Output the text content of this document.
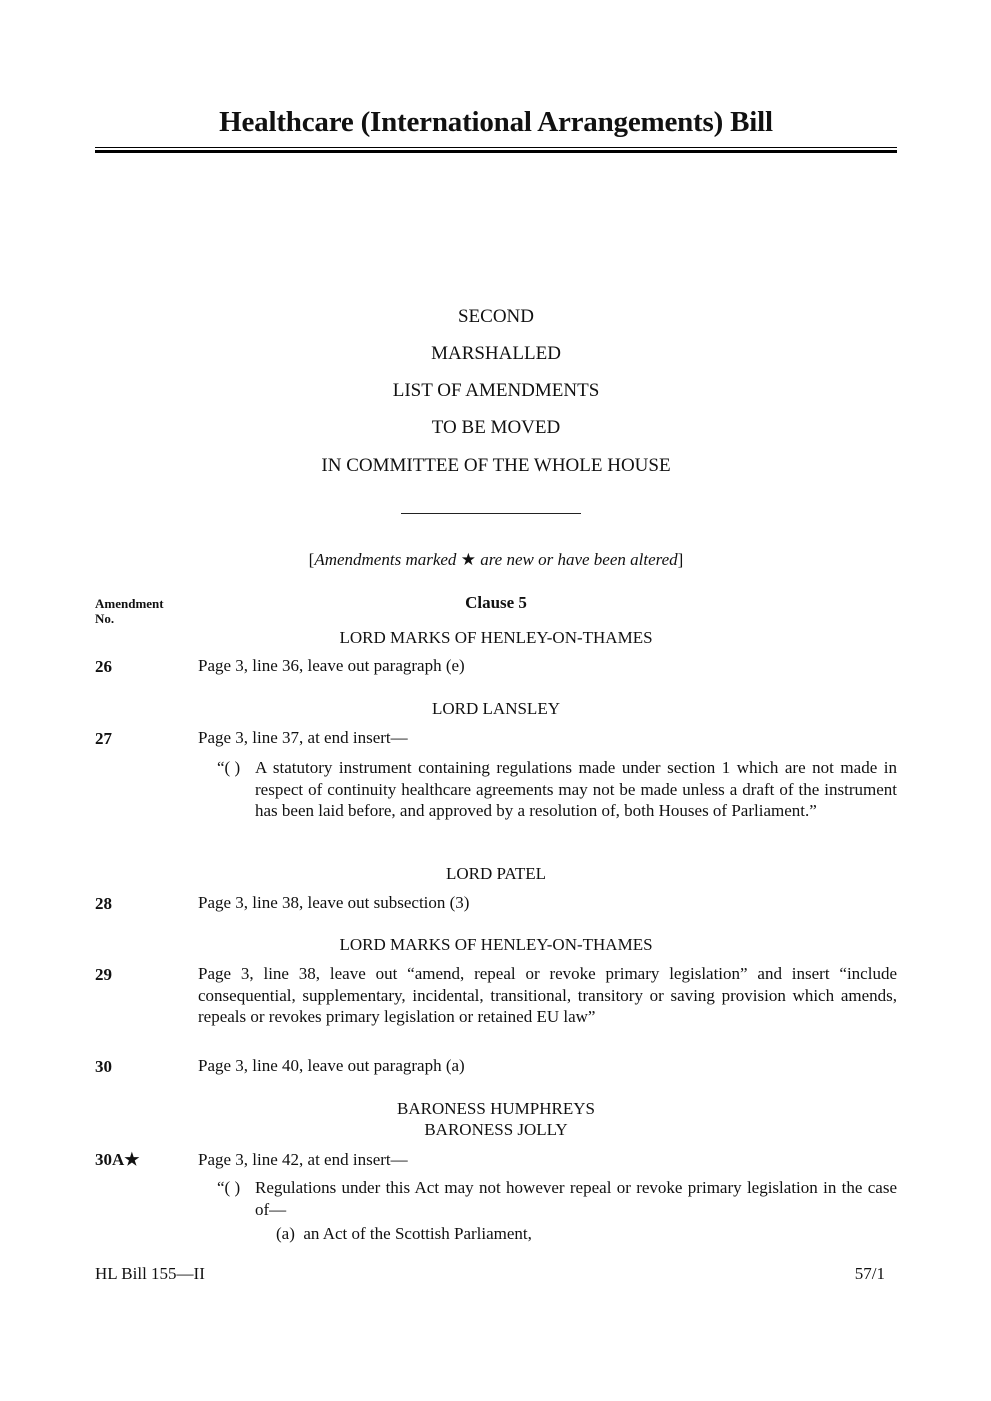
Healthcare (International Arrangements) Bill
SECOND
MARSHALLED
LIST OF AMENDMENTS
TO BE MOVED
IN COMMITTEE OF THE WHOLE HOUSE
[Amendments marked ★ are new or have been altered]
Amendment
No.
Clause 5
LORD MARKS OF HENLEY-ON-THAMES
26	Page 3, line 36, leave out paragraph (e)
LORD LANSLEY
27	Page 3, line 37, at end insert—
“( ) A statutory instrument containing regulations made under section 1 which are not made in respect of continuity healthcare agreements may not be made unless a draft of the instrument has been laid before, and approved by a resolution of, both Houses of Parliament.”
LORD PATEL
28	Page 3, line 38, leave out subsection (3)
LORD MARKS OF HENLEY-ON-THAMES
29	Page 3, line 38, leave out “amend, repeal or revoke primary legislation” and insert “include consequential, supplementary, incidental, transitional, transitory or saving provision which amends, repeals or revokes primary legislation or retained EU law”
30	Page 3, line 40, leave out paragraph (a)
BARONESS HUMPHREYS
BARONESS JOLLY
30A★	Page 3, line 42, at end insert—
“( ) Regulations under this Act may not however repeal or revoke primary legislation in the case of—
(a)  an Act of the Scottish Parliament,
HL Bill 155—II	57/1
